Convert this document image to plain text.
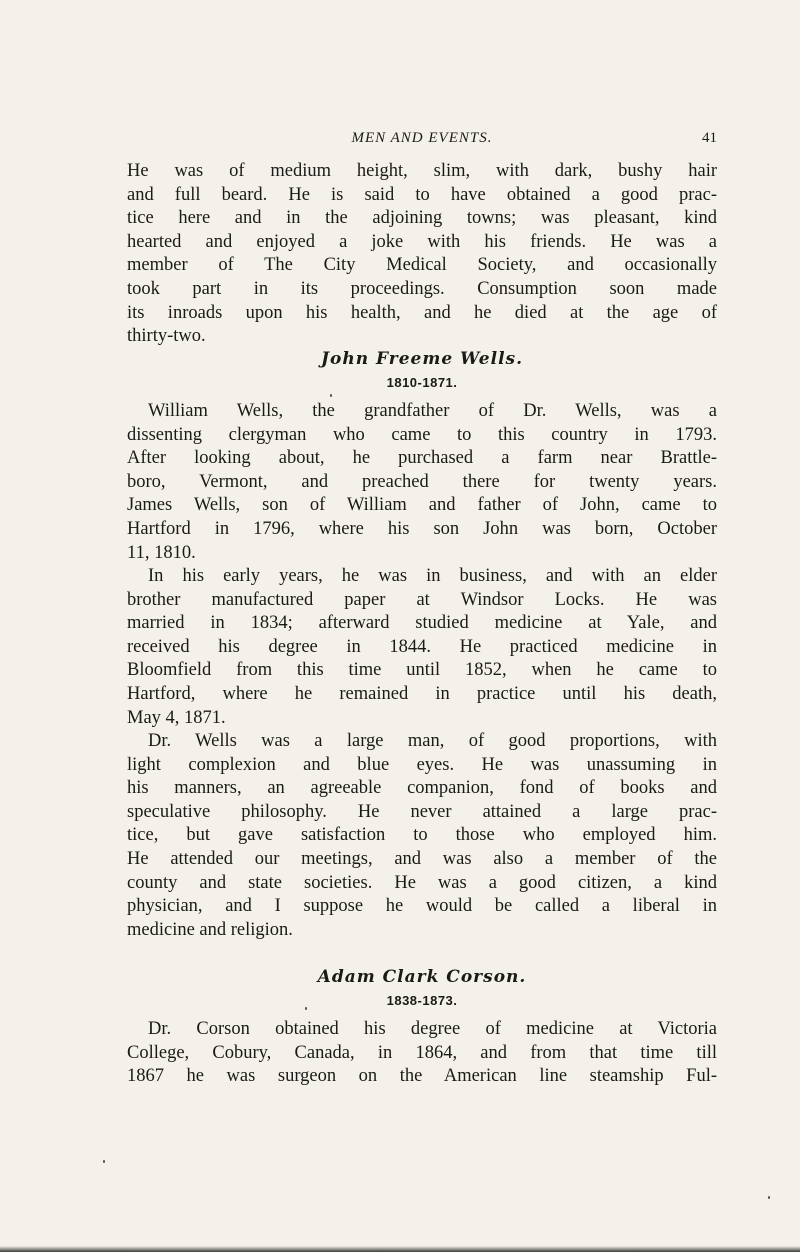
MEN AND EVENTS.	41
He was of medium height, slim, with dark, bushy hair
and full beard. He is said to have obtained a good prac-
tice here and in the adjoining towns; was pleasant, kind
hearted and enjoyed a joke with his friends. He was a
member of The City Medical Society, and occasionally
took part in its proceedings. Consumption soon made
its inroads upon his health, and he died at the age of
thirty-two.
John Freeme Wells.
1810-1871.
William Wells, the grandfather of Dr. Wells, was a
dissenting clergyman who came to this country in 1793.
After looking about, he purchased a farm near Brattle-
boro, Vermont, and preached there for twenty years.
James Wells, son of William and father of John, came to
Hartford in 1796, where his son John was born, October
11, 1810.
In his early years, he was in business, and with an elder
brother manufactured paper at Windsor Locks. He was
married in 1834; afterward studied medicine at Yale, and
received his degree in 1844. He practiced medicine in
Bloomfield from this time until 1852, when he came to
Hartford, where he remained in practice until his death,
May 4, 1871.
Dr. Wells was a large man, of good proportions, with
light complexion and blue eyes. He was unassuming in
his manners, an agreeable companion, fond of books and
speculative philosophy. He never attained a large prac-
tice, but gave satisfaction to those who employed him.
He attended our meetings, and was also a member of the
county and state societies. He was a good citizen, a kind
physician, and I suppose he would be called a liberal in
medicine and religion.
Adam Clark Corson.
1838-1873.
Dr. Corson obtained his degree of medicine at Victoria
College, Cobury, Canada, in 1864, and from that time till
1867 he was surgeon on the American line steamship Ful-
